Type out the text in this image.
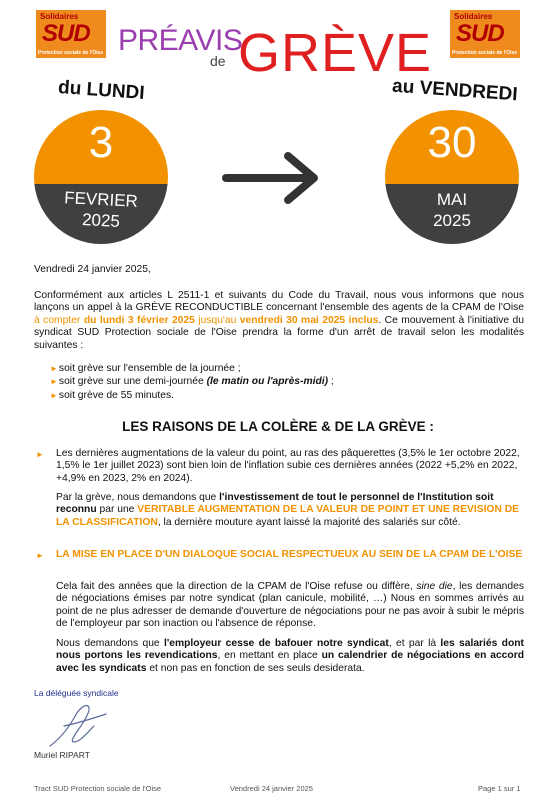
Solidaires
SUD
Protection sociale de l'Oise
Solidaires
SUD
Protection sociale de l'Oise
PRÉAVIS
de GRÈVE
du LUNDI	au VENDREDI
3
FEVRIER
2025
30
MAI
2025
Vendredi 24 janvier 2025,
Conformément aux articles L 2511-1 et suivants du Code du Travail, nous vous informons que nous lançons un appel à la GRÈVE RECONDUCTIBLE concernant l'ensemble des agents de la CPAM de l'Oise à compter du lundi 3 février 2025 jusqu'au vendredi 30 mai 2025 inclus. Ce mouvement à l'initiative du syndicat SUD Protection sociale de l'Oise prendra la forme d'un arrêt de travail selon les modalités suivantes :
►soit grève sur l'ensemble de la journée ;
►soit grève sur une demi-journée (le matin ou l'après-midi) ;
►soit grève de 55 minutes.
LES RAISONS DE LA COLÈRE & DE LA GRÈVE :
► Les dernières augmentations de la valeur du point, au ras des pâquerettes (3,5% le 1er octobre 2022, 1,5% le 1er juillet 2023) sont bien loin de l'inflation subie ces dernières années (2022 +5,2% en 2022, +4,9% en 2023, 2% en 2024).
Par la grève, nous demandons que l'investissement de tout le personnel de l'Institution soit reconnu par une VERITABLE AUGMENTATION DE LA VALEUR DE POINT ET UNE REVISION DE LA CLASSIFICATION, la dernière mouture ayant laissé la majorité des salariés sur côté.
► LA MISE EN PLACE D'UN DIALOQUE SOCIAL RESPECTUEUX AU SEIN DE LA CPAM DE L'OISE
Cela fait des années que la direction de la CPAM de l'Oise refuse ou diffère, sine die, les demandes de négociations émises par notre syndicat (plan canicule, mobilité, …) Nous en sommes arrivés au point de ne plus adresser de demande d'ouverture de négociations pour ne pas avoir à subir le mépris de l'employeur par son inaction ou l'absence de réponse.
Nous demandons que l'employeur cesse de bafouer notre syndicat, et par là les salariés dont nous portons les revendications, en mettant en place un calendrier de négociations en accord avec les syndicats et non pas en fonction de ses seuls desiderata.
La déléguée syndicale
Muriel RIPART
Tract SUD Protection sociale de l'Oise	Vendredi 24 janvier 2025	Page 1 sur 1
